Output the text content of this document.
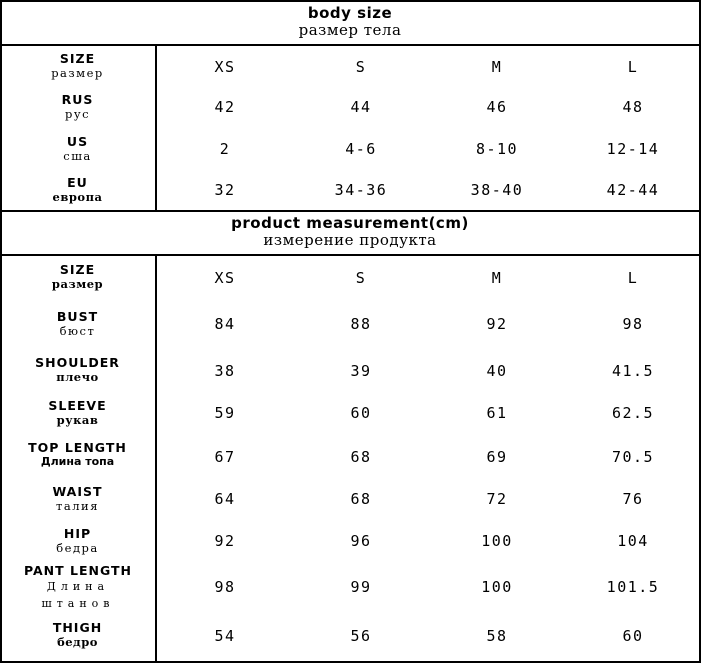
body size
размер тела
SIZE
размер	XS	S	M	L
RUS
рус	42	44	46	48
US
сша	2	4-6	8-10	12-14
EU
европа	32	34-36	38-40	42-44
product measurement(cm)
измерение продукта
SIZE
размер	XS	S	M	L
BUST
бюст	84	88	92	98
SHOULDER
плечо	38	39	40	41.5
SLEEVE
рукав	59	60	61	62.5
TOP LENGTH
Длина топа	67	68	69	70.5
WAIST
талия	64	68	72	76
HIP
бедра	92	96	100	104
PANT LENGTH
Длина штанов
98	99	100	101.5
THIGH
бедро	54	56	58	60
